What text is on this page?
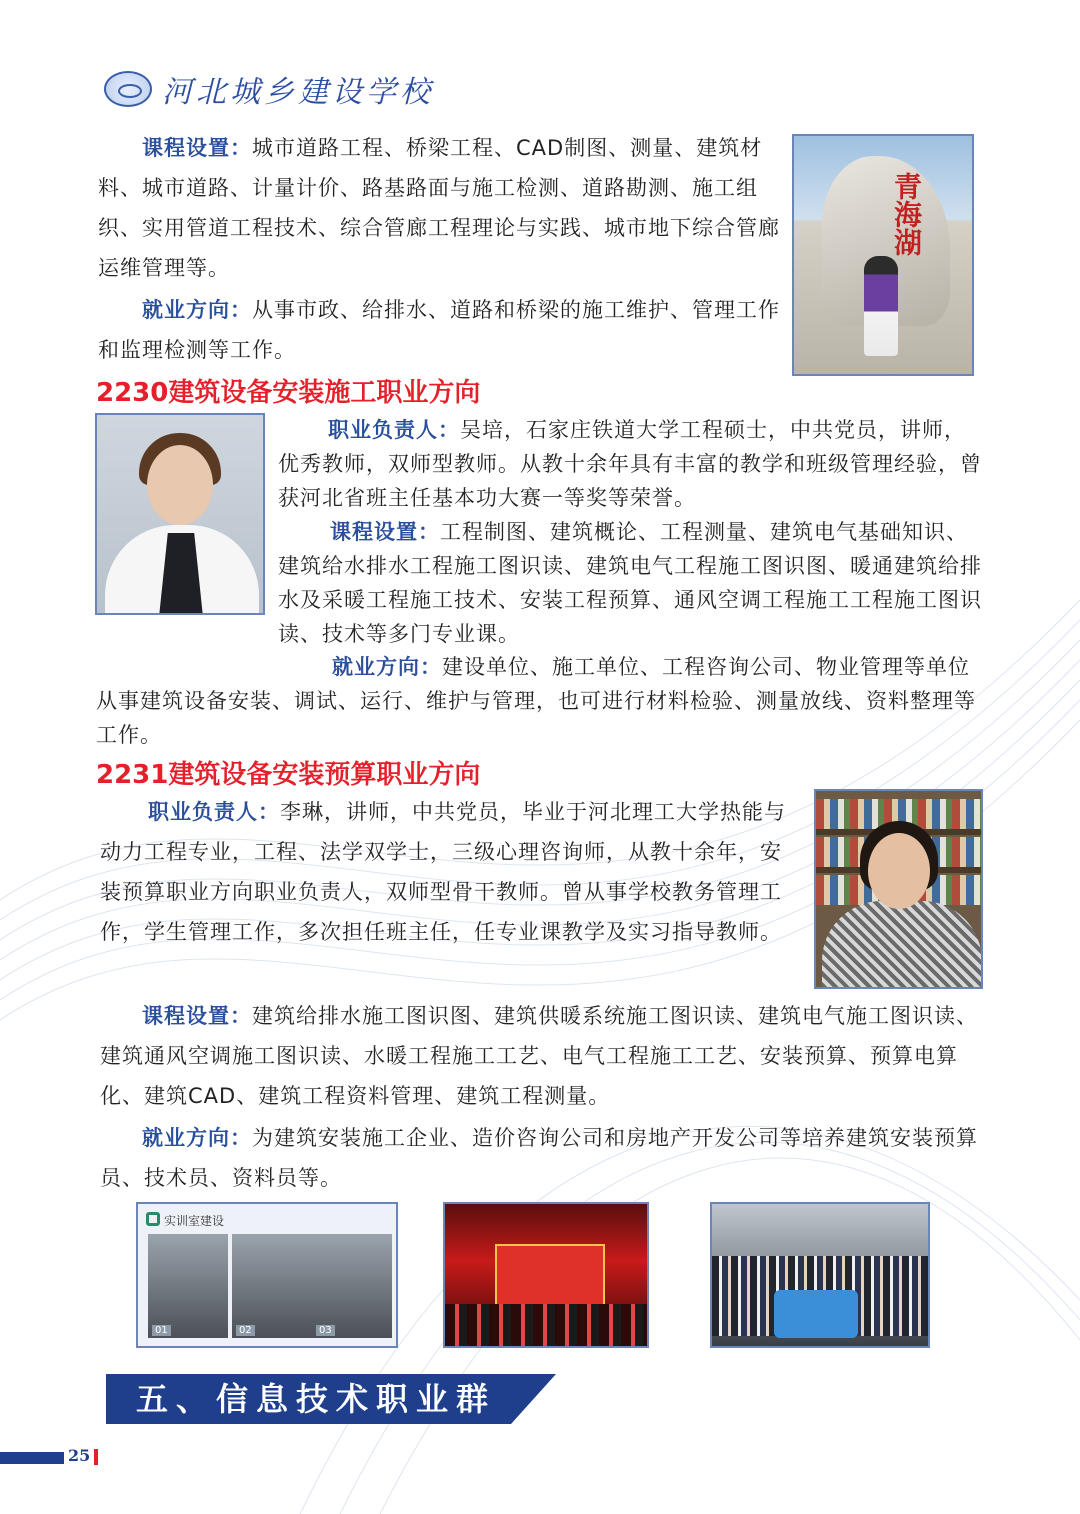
河北城乡建设学校

课程设置：城市道路工程、桥梁工程、CAD制图、测量、建筑材料、城市道路、计量计价、路基路面与施工检测、道路勘测、施工组织、实用管道工程技术、综合管廊工程理论与实践、城市地下综合管廊运维管理等。

就业方向：从事市政、给排水、道路和桥梁的施工维护、管理工作和监理检测等工作。

青海湖
2230建筑设备安装施工职业方向

职业负责人：吴培，石家庄铁道大学工程硕士，中共党员，讲师，优秀教师，双师型教师。从教十余年具有丰富的教学和班级管理经验，曾获河北省班主任基本功大赛一等奖等荣誉。

课程设置：工程制图、建筑概论、工程测量、建筑电气基础知识、建筑给水排水工程施工图识读、建筑电气工程施工图识图、暖通建筑给排水及采暖工程施工技术、安装工程预算、通风空调工程施工工程施工图识读、技术等多门专业课。

就业方向：建设单位、施工单位、工程咨询公司、物业管理等单位从事建筑设备安装、调试、运行、维护与管理，也可进行材料检验、测量放线、资料整理等工作。

2231建筑设备安装预算职业方向

职业负责人：李琳，讲师，中共党员，毕业于河北理工大学热能与动力工程专业，工程、法学双学士，三级心理咨询师，从教十余年，安装预算职业方向职业负责人，双师型骨干教师。曾从事学校教务管理工作，学生管理工作，多次担任班主任，任专业课教学及实习指导教师。

课程设置：建筑给排水施工图识图、建筑供暖系统施工图识读、建筑电气施工图识读、建筑通风空调施工图识读、水暖工程施工工艺、电气工程施工工艺、安装预算、预算电算化、建筑CAD、建筑工程资料管理、建筑工程测量。

就业方向：为建筑安装施工企业、造价咨询公司和房地产开发公司等培养建筑安装预算员、技术员、资料员等。

实训室建设
01	02	03
五、信息技术职业群
25
